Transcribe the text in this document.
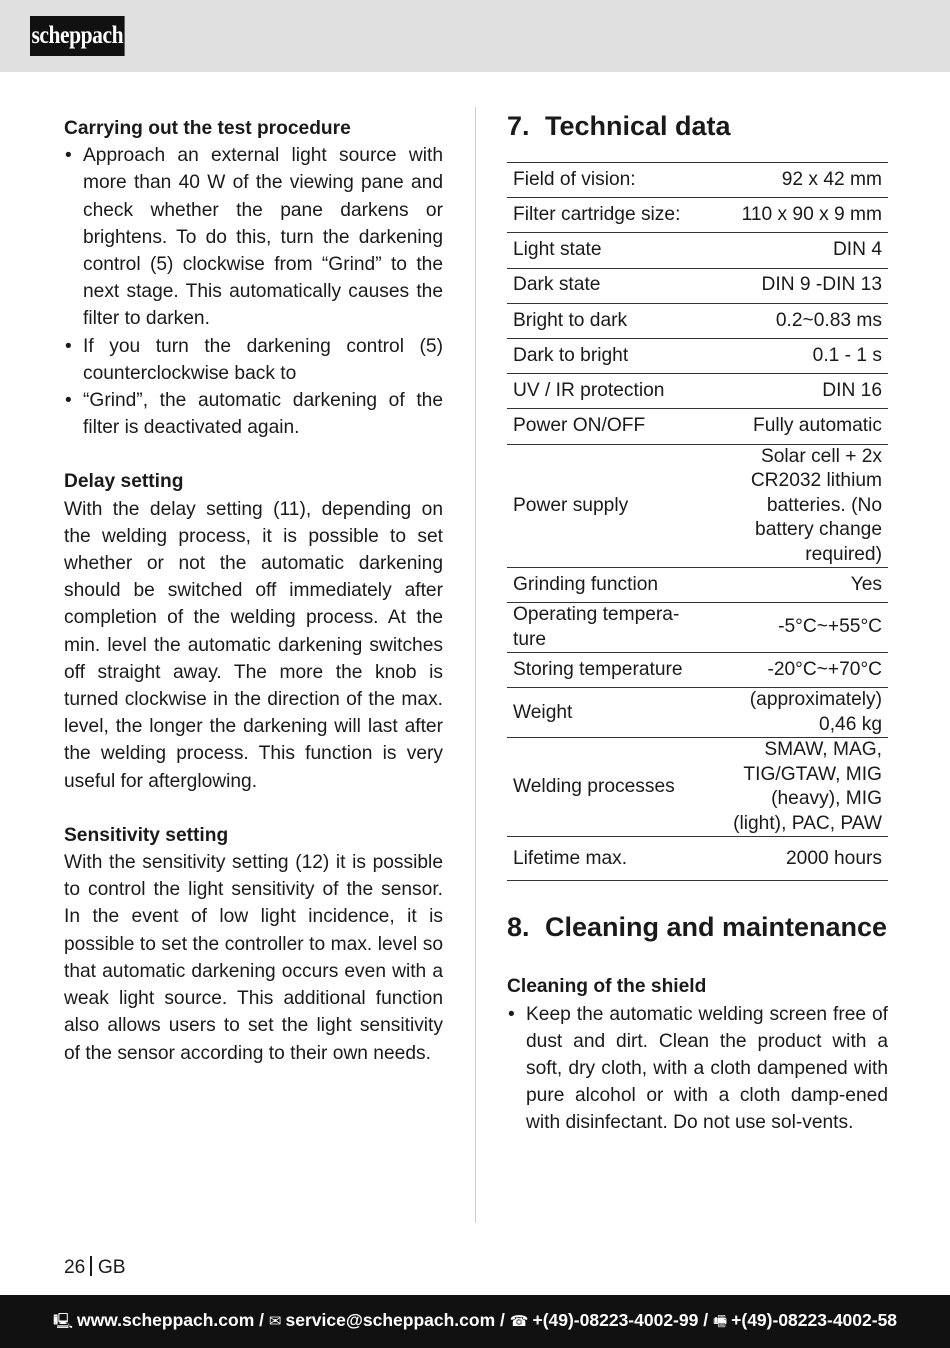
scheppach
Carrying out the test procedure
• Approach an external light source with more than 40 W of the viewing pane and check whether the pane darkens or brightens. To do this, turn the darkening control (5) clockwise from “Grind” to the next stage. This automatically causes the filter to darken.
• If you turn the darkening control (5) counterclockwise back to
• “Grind”, the automatic darkening of the filter is deactivated again.
Delay setting

With the delay setting (11), depending on the welding process, it is possible to set whether or not the automatic darkening should be switched off immediately after completion of the welding process. At the min. level the automatic darkening switches off straight away. The more the knob is turned clockwise in the direction of the max. level, the longer the darkening will last after the welding process. This function is very useful for afterglowing.

Sensitivity setting

With the sensitivity setting (12) it is possible to control the light sensitivity of the sensor. In the event of low light incidence, it is possible to set the controller to max. level so that automatic darkening occurs even with a weak light source. This additional function also allows users to set the light sensitivity of the sensor according to their own needs.

7. Technical data
Field of vision:	92 x 42 mm
Filter cartridge size:	110 x 90 x 9 mm
Light state	DIN 4
Dark state	DIN 9 -DIN 13
Bright to dark	0.2~0.83 ms
Dark to bright	0.1 - 1 s
UV / IR protection	DIN 16
Power ON/OFF	Fully automatic
Power supply	Solar cell + 2x CR2032 lithium batteries. (No battery change required)
Grinding function	Yes
Operating tempera-ture	-5°C~+55°C
Storing temperature	-20°C~+70°C
Weight	(approximately) 0,46 kg
Welding processes	SMAW, MAG, TIG/GTAW, MIG (heavy), MIG (light), PAC, PAW
Lifetime max.	2000 hours
8. Cleaning and maintenance
Cleaning of the shield
• Keep the automatic welding screen free of dust and dirt. Clean the product with a soft, dry cloth, with a cloth dampened with pure alcohol or with a cloth damp-ened with disinfectant. Do not use sol-vents.
26 GB
🖳 www.scheppach.com / ✉ service@scheppach.com / ☎ +(49)-08223-4002-99 / 🖷 +(49)-08223-4002-58
